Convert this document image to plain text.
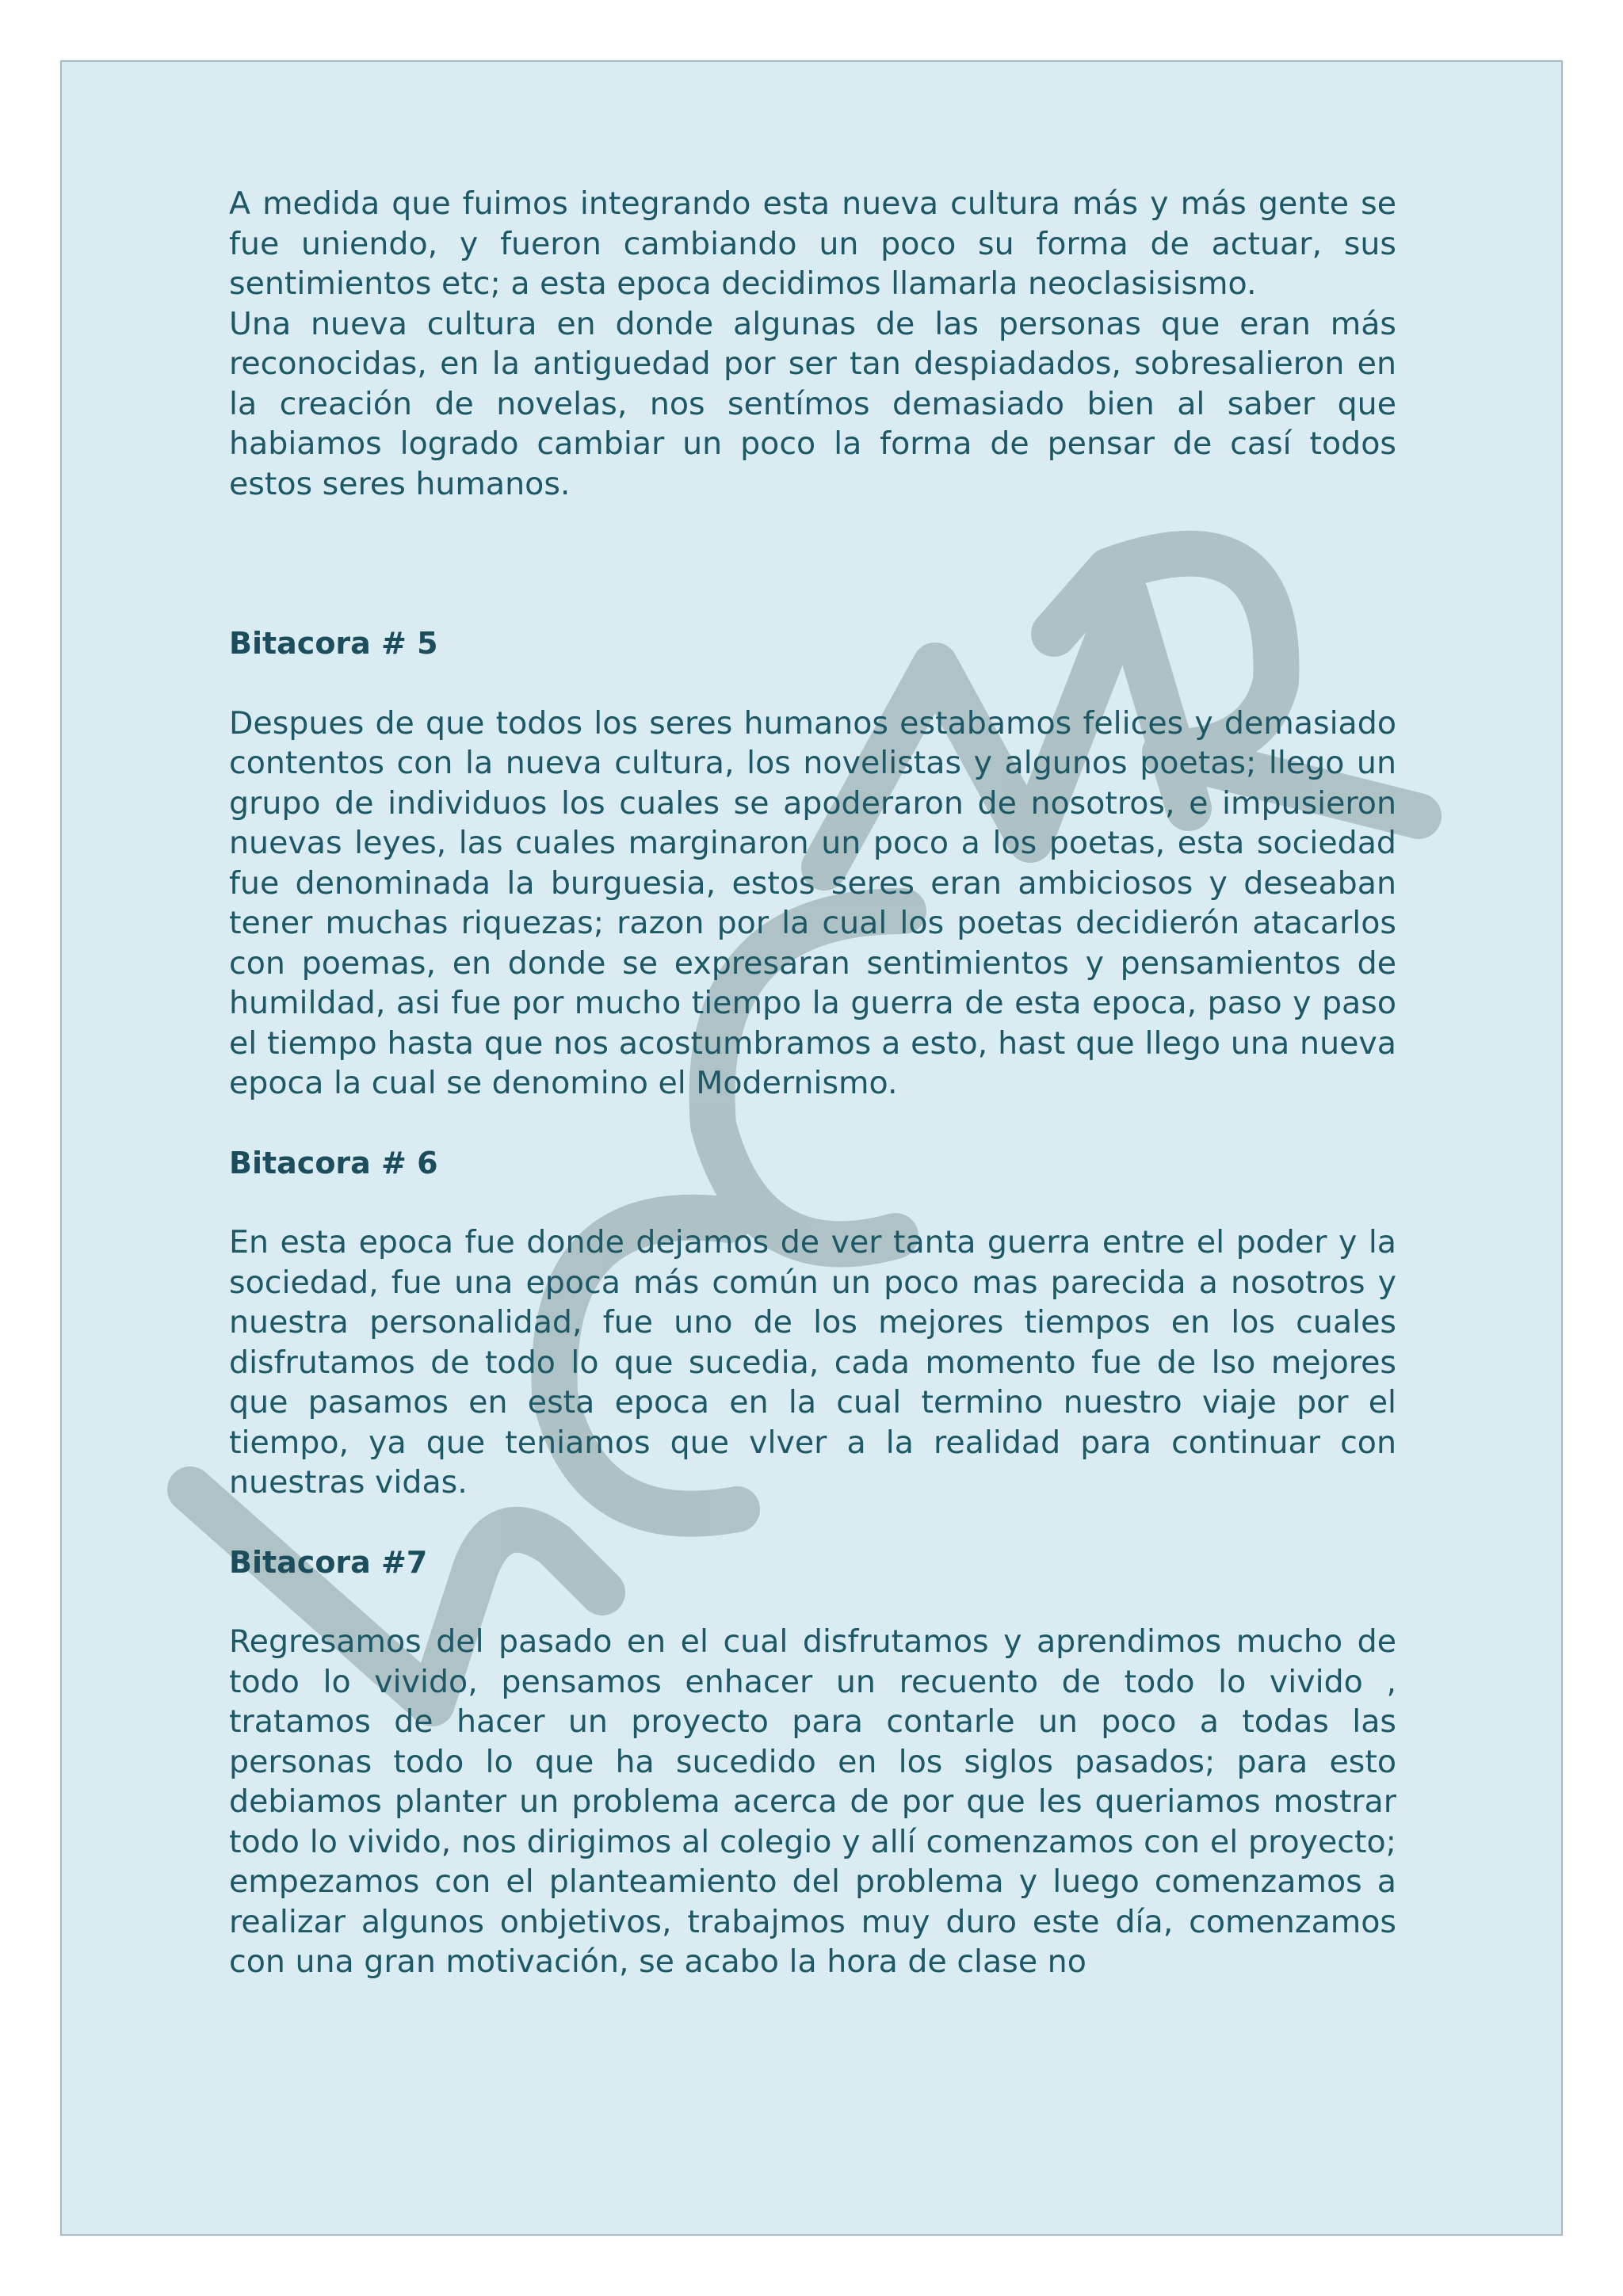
A medida que fuimos integrando esta nueva cultura más y más gente se fue uniendo, y fueron cambiando un poco su forma de actuar, sus sentimientos etc; a esta epoca decidimos llamarla neoclasisismo.

Una nueva cultura en donde algunas de las personas que eran más reconocidas, en la antiguedad por ser tan despiadados, sobresalieron en la creación de novelas, nos sentímos demasiado bien al saber que habiamos logrado cambiar un poco la forma de pensar de casí todos estos seres humanos.

Bitacora # 5

Despues de que todos los seres humanos estabamos felices y demasiado contentos con la nueva cultura, los novelistas y algunos poetas; llego un grupo de individuos los cuales se apoderaron de nosotros, e impusieron nuevas leyes, las cuales marginaron un poco a los poetas, esta sociedad fue denominada la burguesia, estos seres eran ambiciosos y deseaban tener muchas riquezas; razon por la cual los poetas decidierón atacarlos con poemas, en donde se expresaran sentimientos y pensamientos de humildad, asi fue por mucho tiempo la guerra de esta epoca, paso y paso el tiempo hasta que nos acostumbramos a esto, hast que llego una nueva epoca la cual se denomino el Modernismo.

Bitacora # 6

En esta epoca fue donde dejamos de ver tanta guerra entre el poder y la sociedad, fue una epoca más común un poco mas parecida a nosotros y nuestra personalidad, fue uno de los mejores tiempos en los cuales disfrutamos de todo lo que sucedia, cada momento fue de lso mejores que pasamos en esta epoca en la cual termino nuestro viaje por el tiempo, ya que teniamos que vlver a la realidad para continuar con nuestras vidas.

Bitacora #7

Regresamos del pasado en el cual disfrutamos y aprendimos mucho de todo lo vivido, pensamos enhacer un recuento de todo lo vivido , tratamos de hacer un proyecto para contarle un poco a todas las personas todo lo que ha sucedido en los siglos pasados; para esto debiamos planter un problema acerca de por que les queriamos mostrar todo lo vivido, nos dirigimos al colegio y allí comenzamos con el proyecto; empezamos con el planteamiento del problema y luego comenzamos a realizar algunos onbjetivos, trabajmos muy duro este día, comenzamos con una gran motivación, se acabo la hora de clase no
